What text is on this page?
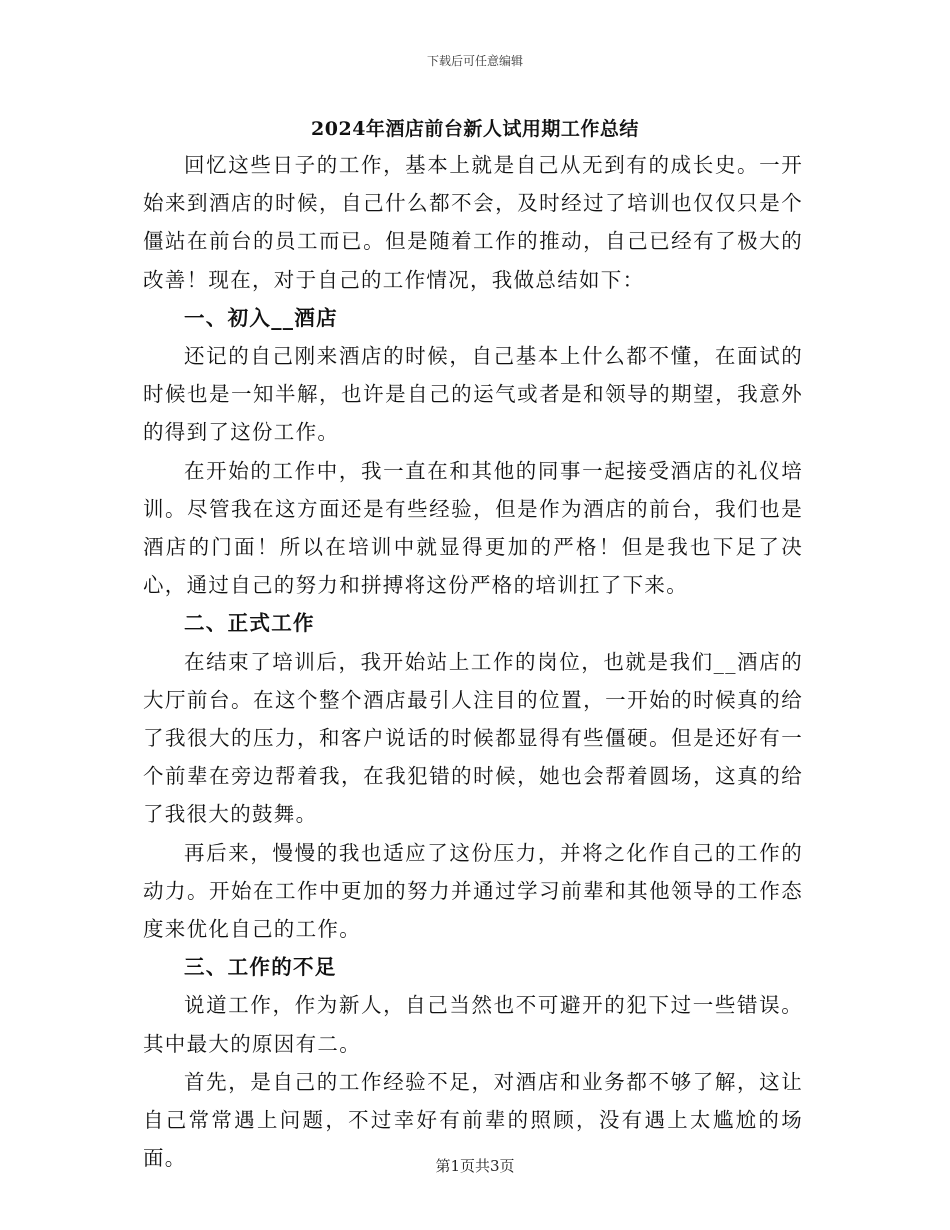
下载后可任意编辑
2024年酒店前台新人试用期工作总结

回忆这些日子的工作，基本上就是自己从无到有的成长史。一开始来到酒店的时候，自己什么都不会，及时经过了培训也仅仅只是个僵站在前台的员工而已。但是随着工作的推动，自己已经有了极大的改善！现在，对于自己的工作情况，我做总结如下：

一、初入__酒店

还记的自己刚来酒店的时候，自己基本上什么都不懂，在面试的时候也是一知半解，也许是自己的运气或者是和领导的期望，我意外的得到了这份工作。

在开始的工作中，我一直在和其他的同事一起接受酒店的礼仪培训。尽管我在这方面还是有些经验，但是作为酒店的前台，我们也是酒店的门面！所以在培训中就显得更加的严格！但是我也下足了决心，通过自己的努力和拼搏将这份严格的培训扛了下来。

二、正式工作

在结束了培训后，我开始站上工作的岗位，也就是我们__酒店的大厅前台。在这个整个酒店最引人注目的位置，一开始的时候真的给了我很大的压力，和客户说话的时候都显得有些僵硬。但是还好有一个前辈在旁边帮着我，在我犯错的时候，她也会帮着圆场，这真的给了我很大的鼓舞。

再后来，慢慢的我也适应了这份压力，并将之化作自己的工作的动力。开始在工作中更加的努力并通过学习前辈和其他领导的工作态度来优化自己的工作。

三、工作的不足

说道工作，作为新人，自己当然也不可避开的犯下过一些错误。其中最大的原因有二。

首先，是自己的工作经验不足，对酒店和业务都不够了解，这让自己常常遇上问题，不过幸好有前辈的照顾，没有遇上太尴尬的场面。	第1页共3页
